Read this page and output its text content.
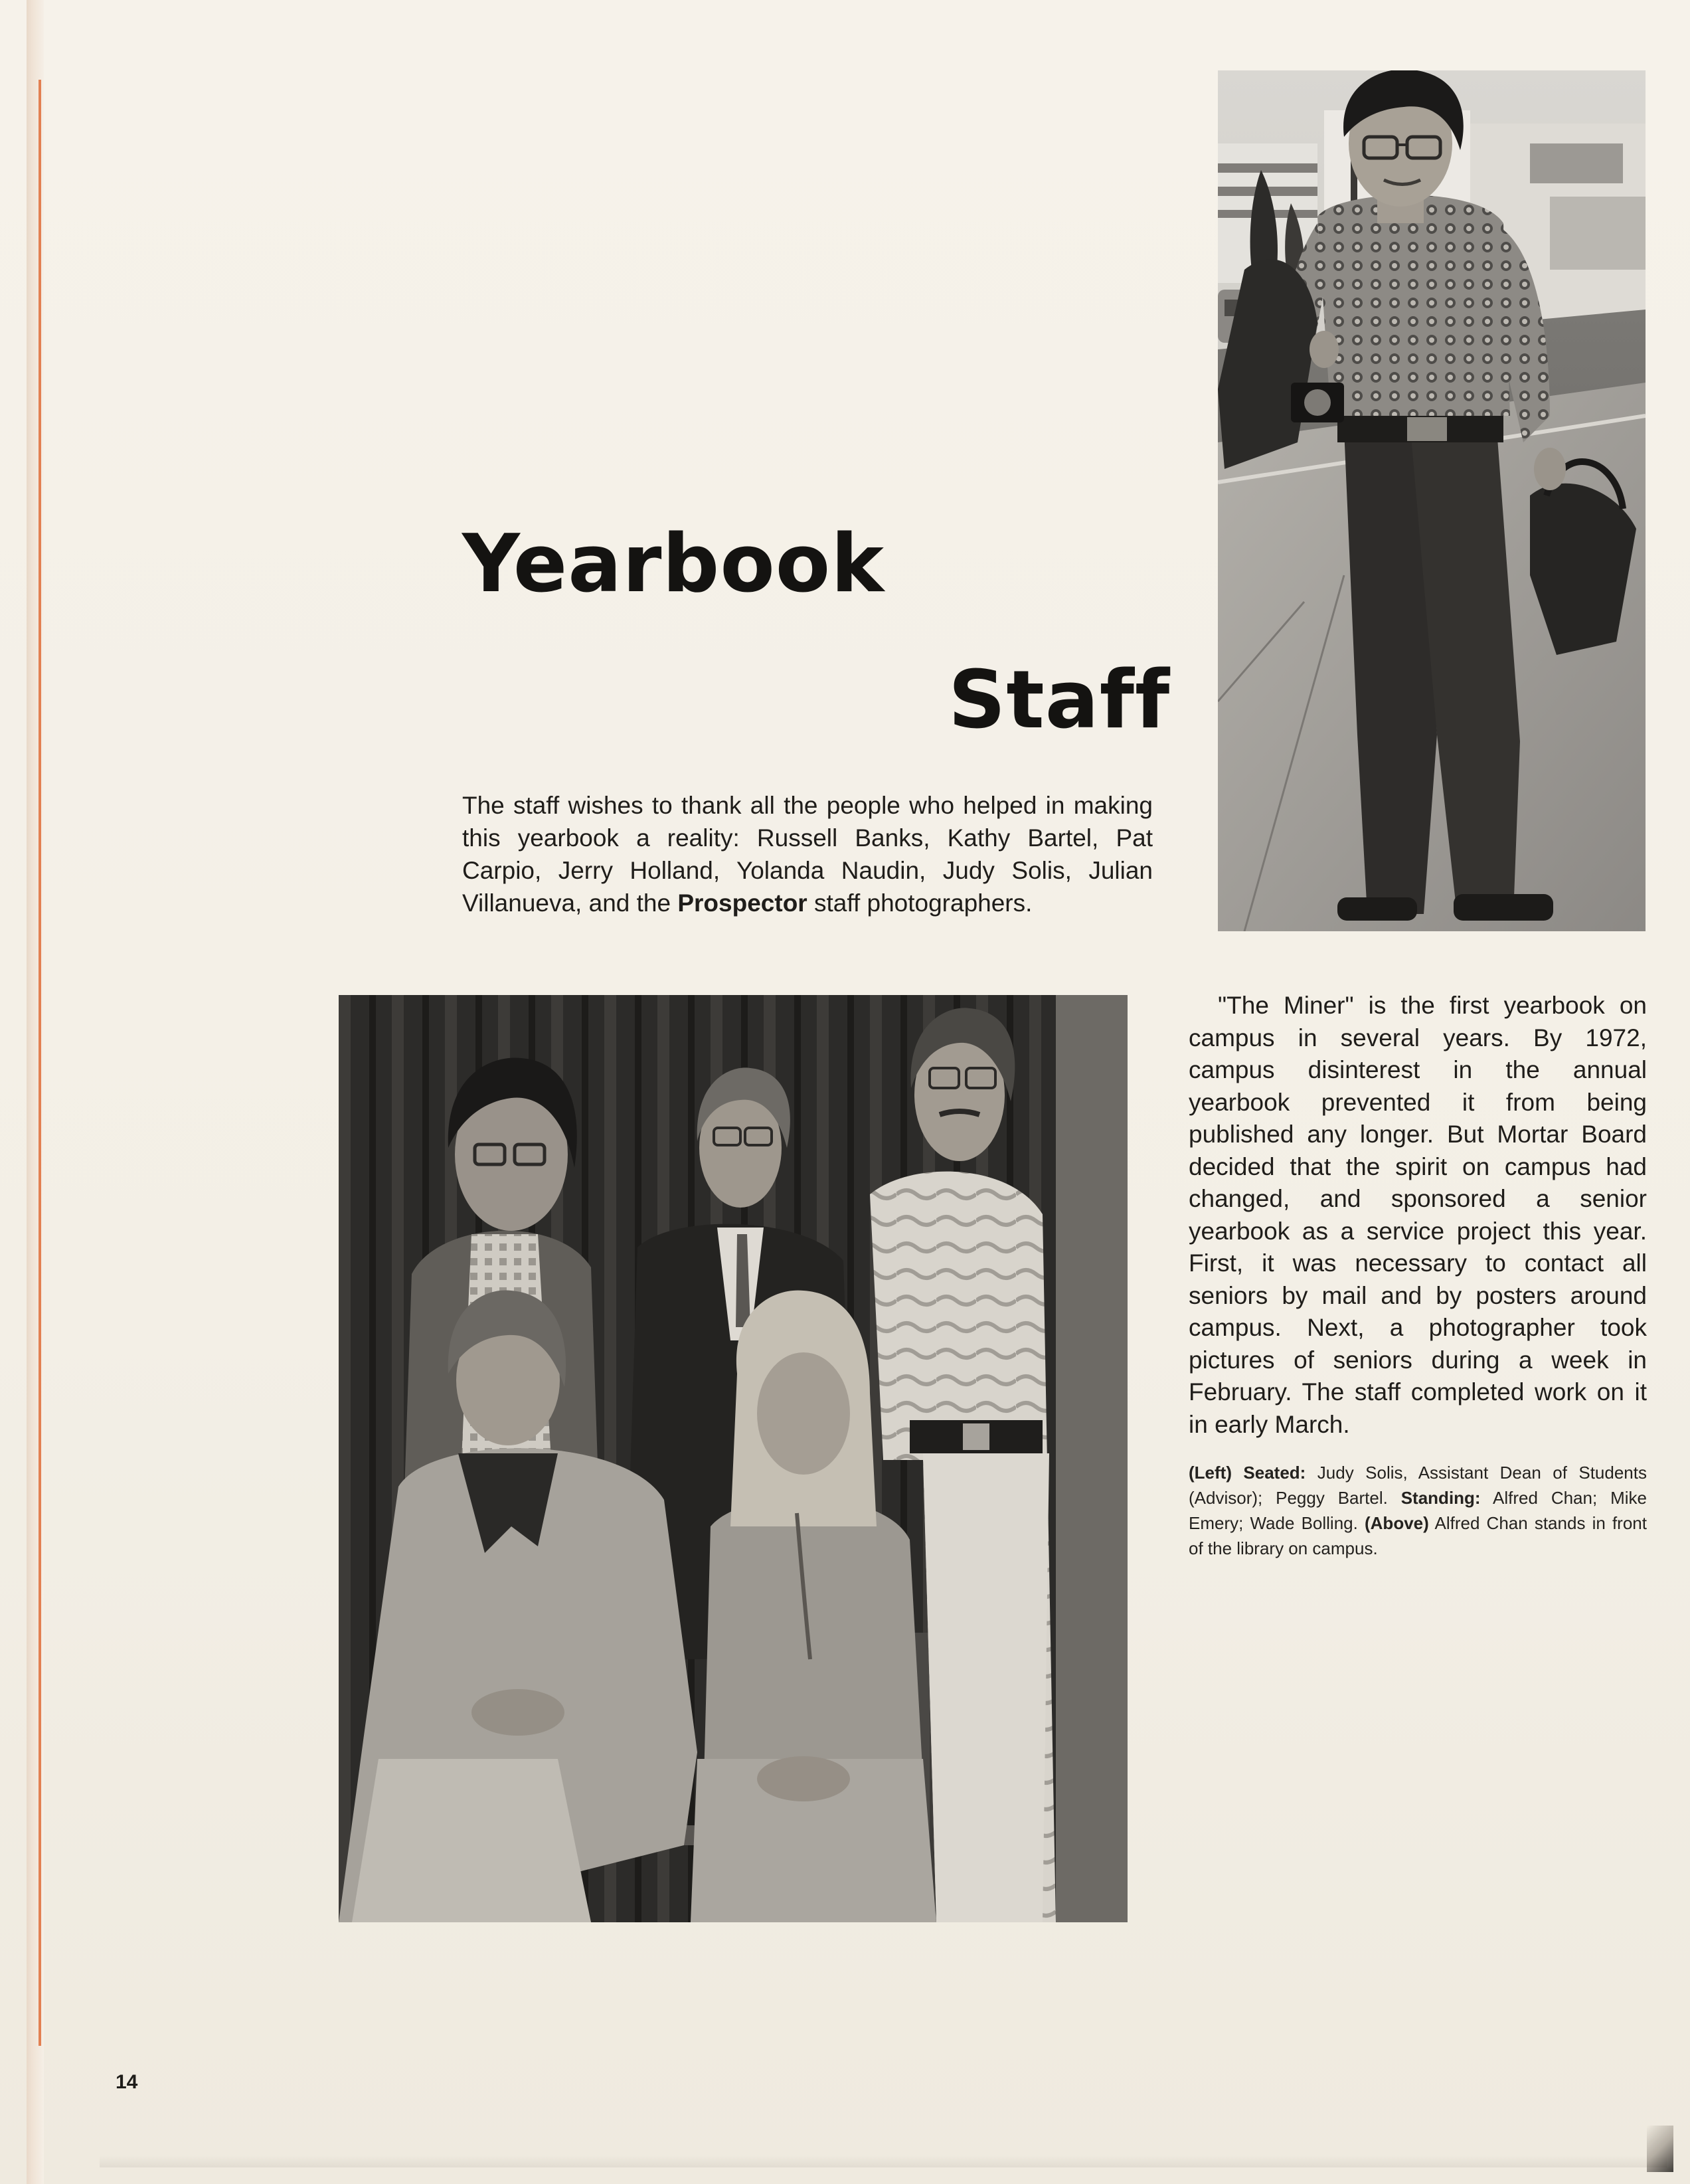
Yearbook
Staff

The staff wishes to thank all the people who helped in making this yearbook a reality: Russell Banks, Kathy Bartel, Pat Carpio, Jerry Holland, Yolanda Naudin, Judy Solis, Julian Villanueva, and the Prospector staff photographers.

"The Miner" is the first yearbook on campus in several years. By 1972, campus disinterest in the annual yearbook prevented it from being published any longer. But Mortar Board decided that the spirit on campus had changed, and sponsored a senior yearbook as a service project this year. First, it was necessary to contact all seniors by mail and by posters around campus. Next, a photographer took pictures of seniors during a week in February. The staff completed work on it in early March.

(Left) Seated: Judy Solis, Assistant Dean of Students (Advisor); Peggy Bartel. Standing: Alfred Chan; Mike Emery; Wade Bolling. (Above) Alfred Chan stands in front of the library on campus.

14
